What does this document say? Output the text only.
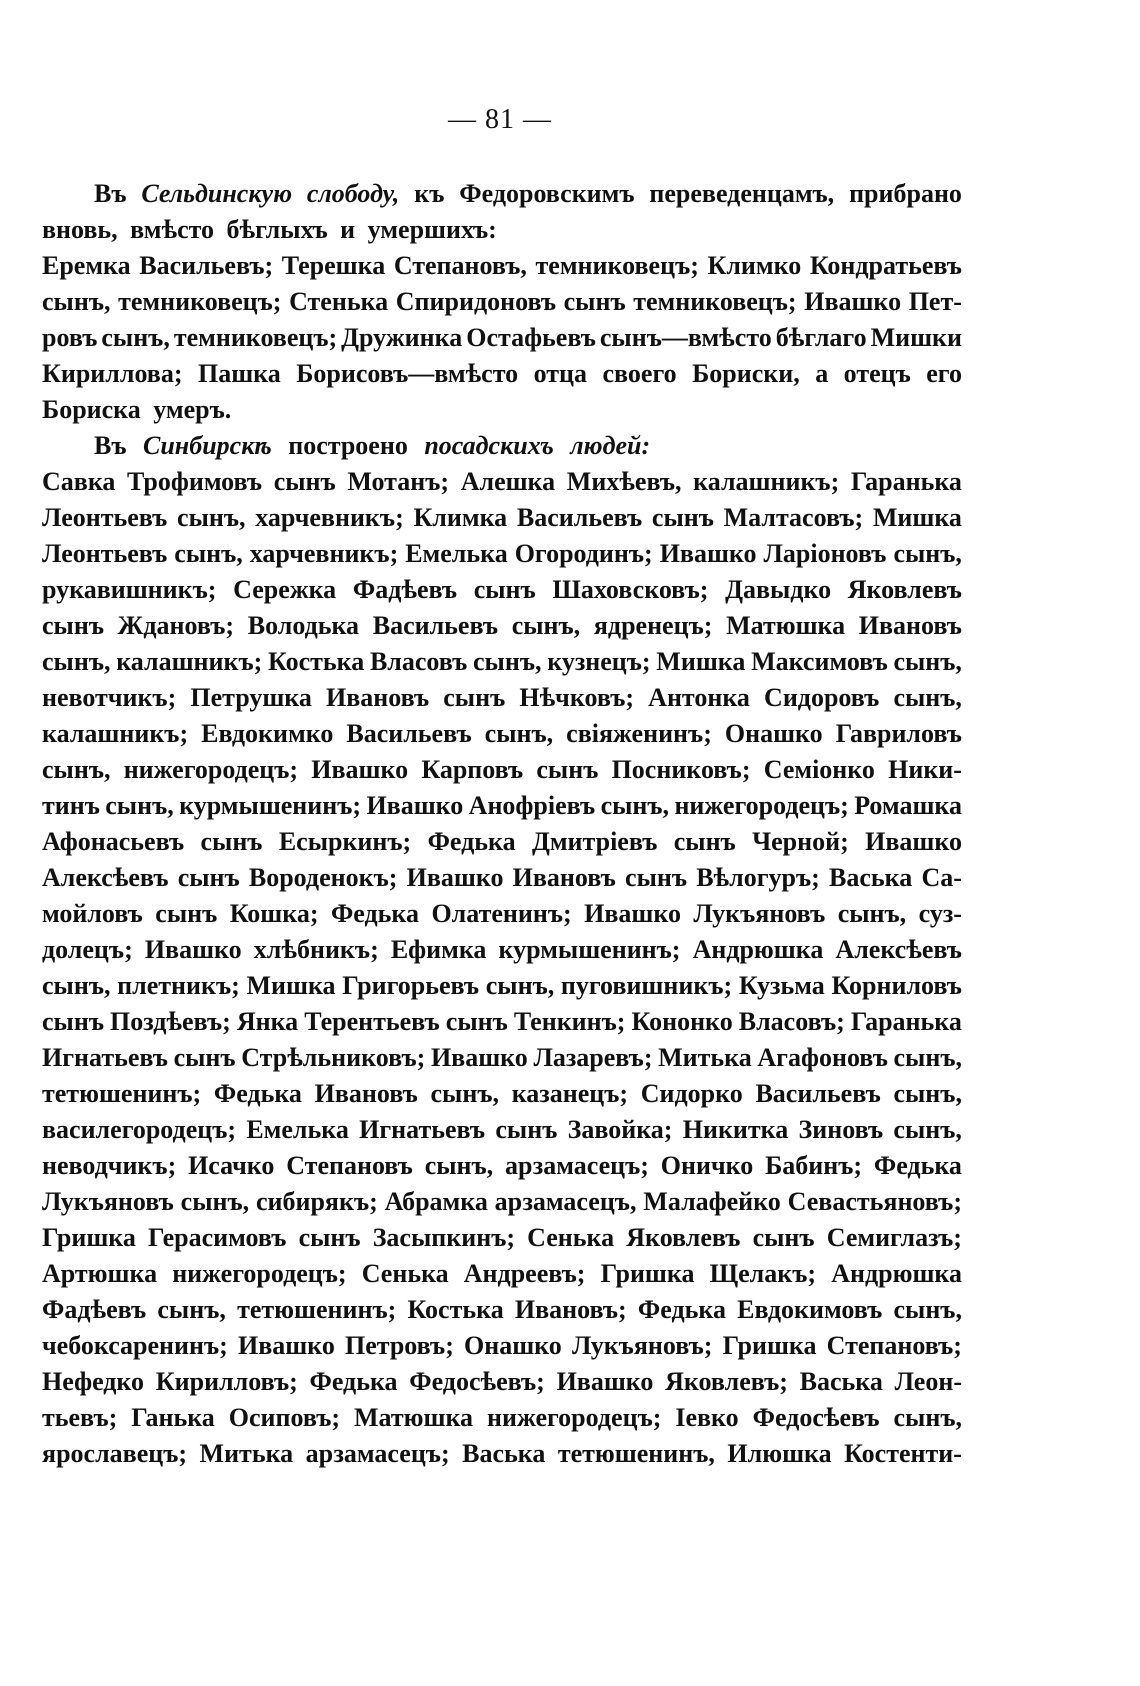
— 81 —
Въ Сельдинскую слободу, къ Федоровскимъ переведенцамъ, прибрано
вновь, вмѣсто бѣглыхъ и умершихъ:
Еремка Васильевъ; Терешка Степановъ, темниковецъ; Климко Кондратьевъ
сынъ, темниковецъ; Стенька Спиридоновъ сынъ темниковецъ; Ивашко Пет-
ровъ сынъ, темниковецъ; Дружинка Остафьевъ сынъ—вмѣсто бѣглаго Мишки
Кириллова; Пашка Борисовъ—вмѣсто отца своего Бориски, а отецъ его
Бориска умеръ.
Въ Синбирскѣ построено посадскихъ людей:
Савка Трофимовъ сынъ Мотанъ; Алешка Михѣевъ, калашникъ; Гаранька
Леонтьевъ сынъ, харчевникъ; Климка Васильевъ сынъ Малтасовъ; Мишка
Леонтьевъ сынъ, харчевникъ; Емелька Огородинъ; Ивашко Ларіоновъ сынъ,
рукавишникъ; Сережка Фадѣевъ сынъ Шаховсковъ; Давыдко Яковлевъ
сынъ Ждановъ; Володька Васильевъ сынъ, ядренецъ; Матюшка Ивановъ
сынъ, калашникъ; Костька Власовъ сынъ, кузнецъ; Мишка Максимовъ сынъ,
невотчикъ; Петрушка Ивановъ сынъ Нѣчковъ; Антонка Сидоровъ сынъ,
калашникъ; Евдокимко Васильевъ сынъ, свіяженинъ; Онашко Гавриловъ
сынъ, нижегородецъ; Ивашко Карповъ сынъ Посниковъ; Семіонко Ники-
тинъ сынъ, курмышенинъ; Ивашко Анофріевъ сынъ, нижегородецъ; Ромашка
Афонасьевъ сынъ Есыркинъ; Федька Дмитріевъ сынъ Черной; Ивашко
Алексѣевъ сынъ Вороденокъ; Ивашко Ивановъ сынъ Вѣлогуръ; Васька Са-
мойловъ сынъ Кошка; Федька Олатенинъ; Ивашко Лукъяновъ сынъ, суз-
долецъ; Ивашко хлѣбникъ; Ефимка курмышенинъ; Андрюшка Алексѣевъ
сынъ, плетникъ; Мишка Григорьевъ сынъ, пуговишникъ; Кузьма Корниловъ
сынъ Поздѣевъ; Янка Терентьевъ сынъ Тенкинъ; Кононко Власовъ; Гаранька
Игнатьевъ сынъ Стрѣльниковъ; Ивашко Лазаревъ; Митька Агафоновъ сынъ,
тетюшенинъ; Федька Ивановъ сынъ, казанецъ; Сидорко Васильевъ сынъ,
василегородецъ; Емелька Игнатьевъ сынъ Завойка; Никитка Зиновъ сынъ,
неводчикъ; Исачко Степановъ сынъ, арзамасецъ; Оничко Бабинъ; Федька
Лукъяновъ сынъ, сибирякъ; Абрамка арзамасецъ, Малафейко Севастьяновъ;
Гришка Герасимовъ сынъ Засыпкинъ; Сенька Яковлевъ сынъ Семиглазъ;
Артюшка нижегородецъ; Сенька Андреевъ; Гришка Щелакъ; Андрюшка
Фадѣевъ сынъ, тетюшенинъ; Костька Ивановъ; Федька Евдокимовъ сынъ,
чебоксаренинъ; Ивашко Петровъ; Онашко Лукъяновъ; Гришка Степановъ;
Нефедко Кирилловъ; Федька Федосѣевъ; Ивашко Яковлевъ; Васька Леон-
тьевъ; Ганька Осиповъ; Матюшка нижегородецъ; Іевко Федосѣевъ сынъ,
ярославецъ; Митька арзамасецъ; Васька тетюшенинъ, Илюшка Костенти-
